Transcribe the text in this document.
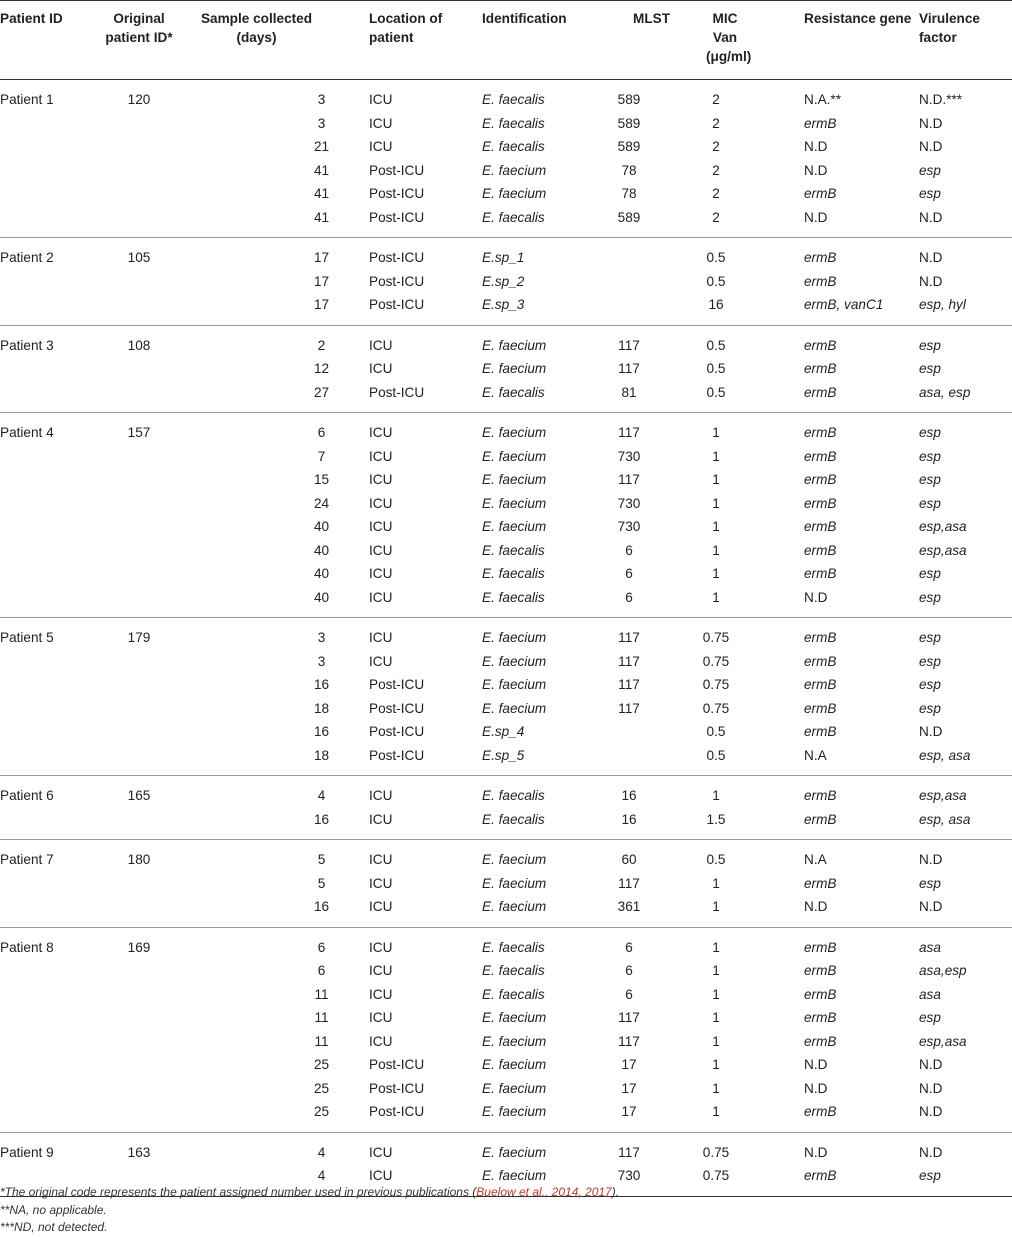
Patient ID	Original patient ID*	Sample collected (days)	Location of patient	Identification	MLST	MIC Van (μg/ml)	Resistance gene	Virulence factor
Patient 1	120	3	ICU	E. faecalis	589	2	N.A.**	N.D.***
		3	ICU	E. faecalis	589	2	ermB	N.D
		21	ICU	E. faecalis	589	2	N.D	N.D
		41	Post-ICU	E. faecium	78	2	N.D	esp
		41	Post-ICU	E. faecium	78	2	ermB	esp
		41	Post-ICU	E. faecalis	589	2	N.D	N.D
Patient 2	105	17	Post-ICU	E.sp_1		0.5	ermB	N.D
		17	Post-ICU	E.sp_2		0.5	ermB	N.D
		17	Post-ICU	E.sp_3		16	ermB, vanC1	esp, hyl
Patient 3	108	2	ICU	E. faecium	117	0.5	ermB	esp
		12	ICU	E. faecium	117	0.5	ermB	esp
		27	Post-ICU	E. faecalis	81	0.5	ermB	asa, esp
Patient 4	157	6	ICU	E. faecium	117	1	ermB	esp
		7	ICU	E. faecium	730	1	ermB	esp
		15	ICU	E. faecium	117	1	ermB	esp
		24	ICU	E. faecium	730	1	ermB	esp
		40	ICU	E. faecium	730	1	ermB	esp,asa
		40	ICU	E. faecalis	6	1	ermB	esp,asa
		40	ICU	E. faecalis	6	1	ermB	esp
		40	ICU	E. faecalis	6	1	N.D	esp
Patient 5	179	3	ICU	E. faecium	117	0.75	ermB	esp
		3	ICU	E. faecium	117	0.75	ermB	esp
		16	Post-ICU	E. faecium	117	0.75	ermB	esp
		18	Post-ICU	E. faecium	117	0.75	ermB	esp
		16	Post-ICU	E.sp_4		0.5	ermB	N.D
		18	Post-ICU	E.sp_5		0.5	N.A	esp, asa
Patient 6	165	4	ICU	E. faecalis	16	1	ermB	esp,asa
		16	ICU	E. faecalis	16	1.5	ermB	esp, asa
Patient 7	180	5	ICU	E. faecium	60	0.5	N.A	N.D
		5	ICU	E. faecium	117	1	ermB	esp
		16	ICU	E. faecium	361	1	N.D	N.D
Patient 8	169	6	ICU	E. faecalis	6	1	ermB	asa
		6	ICU	E. faecalis	6	1	ermB	asa,esp
		11	ICU	E. faecalis	6	1	ermB	asa
		11	ICU	E. faecium	117	1	ermB	esp
		11	ICU	E. faecium	117	1	ermB	esp,asa
		25	Post-ICU	E. faecium	17	1	N.D	N.D
		25	Post-ICU	E. faecium	17	1	N.D	N.D
		25	Post-ICU	E. faecium	17	1	ermB	N.D
Patient 9	163	4	ICU	E. faecium	117	0.75	N.D	N.D
		4	ICU	E. faecium	730	0.75	ermB	esp
*The original code represents the patient assigned number used in previous publications (Buelow et al., 2014, 2017).
**NA, no applicable.
***ND, not detected.
